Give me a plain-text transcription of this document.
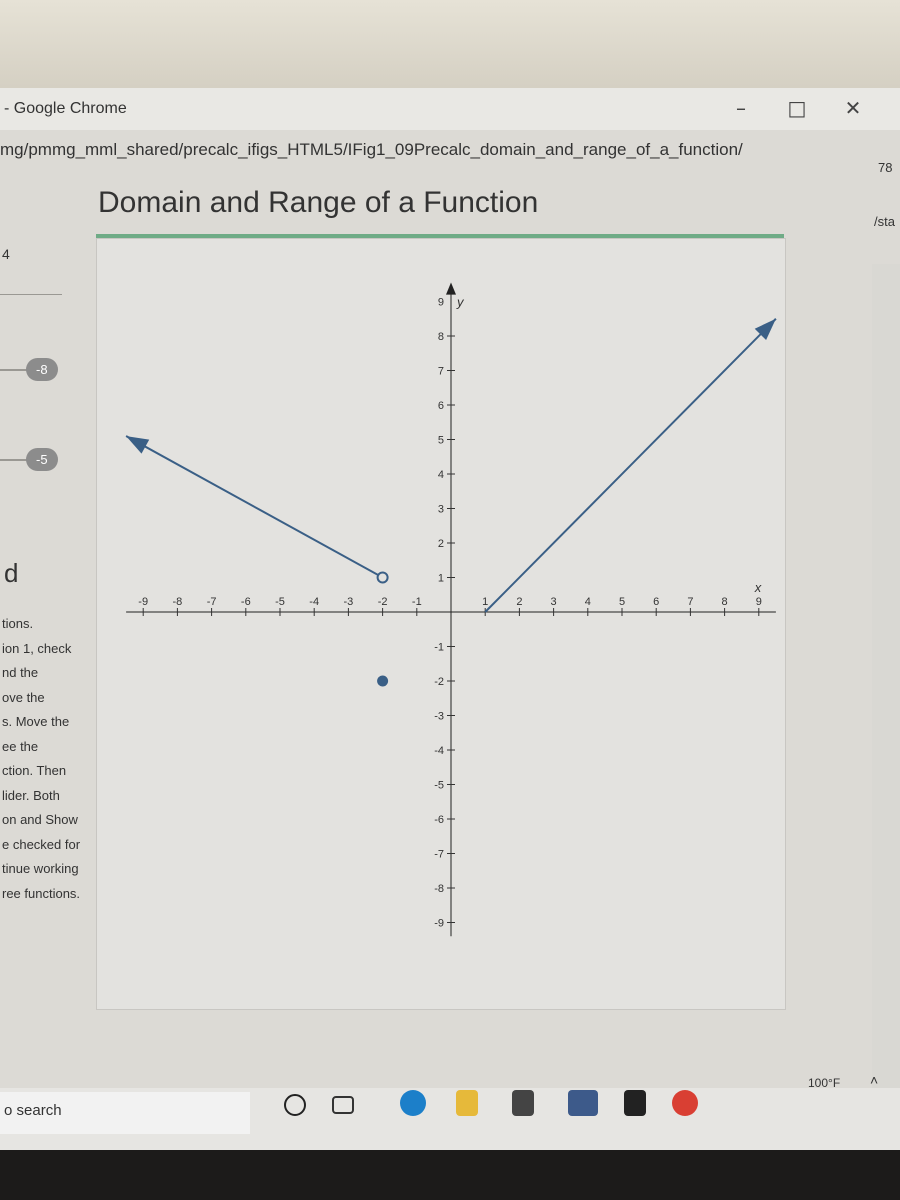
- Google Chrome	–	□	✕
mg/pmmg_mml_shared/precalc_ifigs_HTML5/IFig1_09Precalc_domain_and_range_of_a_function/
78
/sta
4
-8
-5
d
tions.
ion 1, check
nd the
ove the
s. Move the
ee the
ction. Then
lider. Both
on and Show
e checked for
tinue working
ree functions.
Domain and Range of a Function
y
x
-9 -8 -7 -6 -5 -4 -3 -2 -1	1	2	3	4	5	6	7	8	9
-9
-8
-7
-6
-5
-4
-3
-2
-1
1
2
3
4
5
6
7
8
9
o search
100°F ˄
